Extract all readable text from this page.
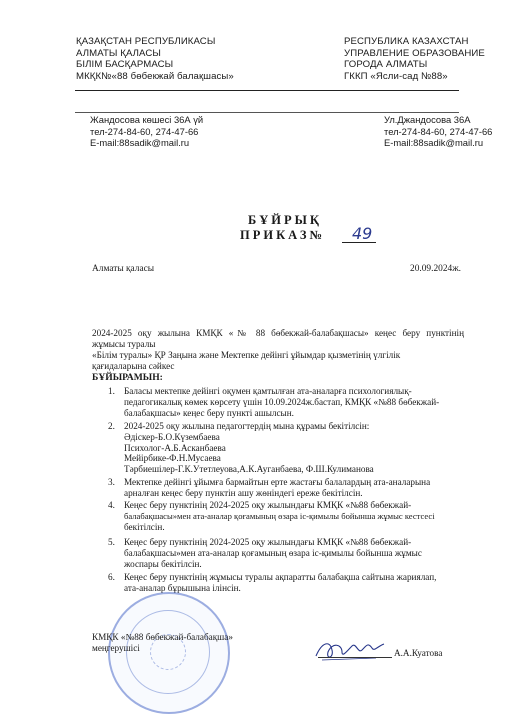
ҚАЗАҚСТАН РЕСПУБЛИКАСЫ
АЛМАТЫ ҚАЛАСЫ
БІЛІМ БАСҚАРМАСЫ
МКҚК№«88 бөбекжай балақшасы»
РЕСПУБЛИКА КАЗАХСТАН
УПРАВЛЕНИЕ ОБРАЗОВАНИЕ
ГОРОДА АЛМАТЫ
ГККП «Ясли-сад №88»
Жандосова көшесі 36А үй
тел-274-84-60, 274-47-66
E-mail:88sadik@mail.ru
Ул.Джандосова 36А
тел-274-84-60, 274-47-66
E-mail:88sadik@mail.ru
БҰЙРЫҚ
ПРИКАЗ№ 49
Алматы қаласы	20.09.2024ж.
2024-2025 оқу жылына КМҚК «№ 88 бөбекжай-балабақшасы» кеңес беру пунктінің
жұмысы туралы
«Білім туралы» ҚР Заңына және Мектепке дейінгі ұйымдар қызметінің үлгілік
қағидаларына сәйкес
БҰЙЫРАМЫН:
1. Баласы мектепке дейінгі оқумен қамтылған ата-аналарға психологиялық-
педагогикалық көмек көрсету үшін 10.09.2024ж.бастап, КМҚК «№88 бөбекжай-
балабақшасы» кеңес беру пункті ашылсын.
2. 2024-2025 оқу жылына педагогтердің мына құрамы бекітілсін:
Әдіскер-Б.О.Күзембаева
Психолог-А.Б.Асканбаева
Мейірбике-Ф.Н.Мусаева
Тәрбиешілер-Г.К.Утетлеуова,А.К.Ауганбаева, Ф.Ш.Кулиманова
3. Мектепке дейінгі ұйымға бармайтын ерте жастағы балалардың ата-аналарына
арналған кеңес беру пунктін ашу жөніндегі ереже бекітілсін.
4. Кеңес беру пунктінің 2024-2025 оқу жылындағы КМҚК «№88 бөбекжай-
балабақшасы»мен ата-аналар қоғамының өзара іс-қимылы бойынша жұмыс кестсесі
бекітілсін.
5. Кеңес беру пунктінің 2024-2025 оқу жылындағы КМҚК «№88 бөбекжай-
балабақшасы»мен ата-аналар қоғамының өзара іс-қимылы бойынша жұмыс
жоспары бекітілсін.
6. Кеңес беру пунктінің жұмысы туралы ақпаратты балабақша сайтына жариялап,
ата-аналар бұрышына ілінсін.
КМҚК «№88 бөбекжай-балабақша»
меңгерушісі	А.А.Куатова
